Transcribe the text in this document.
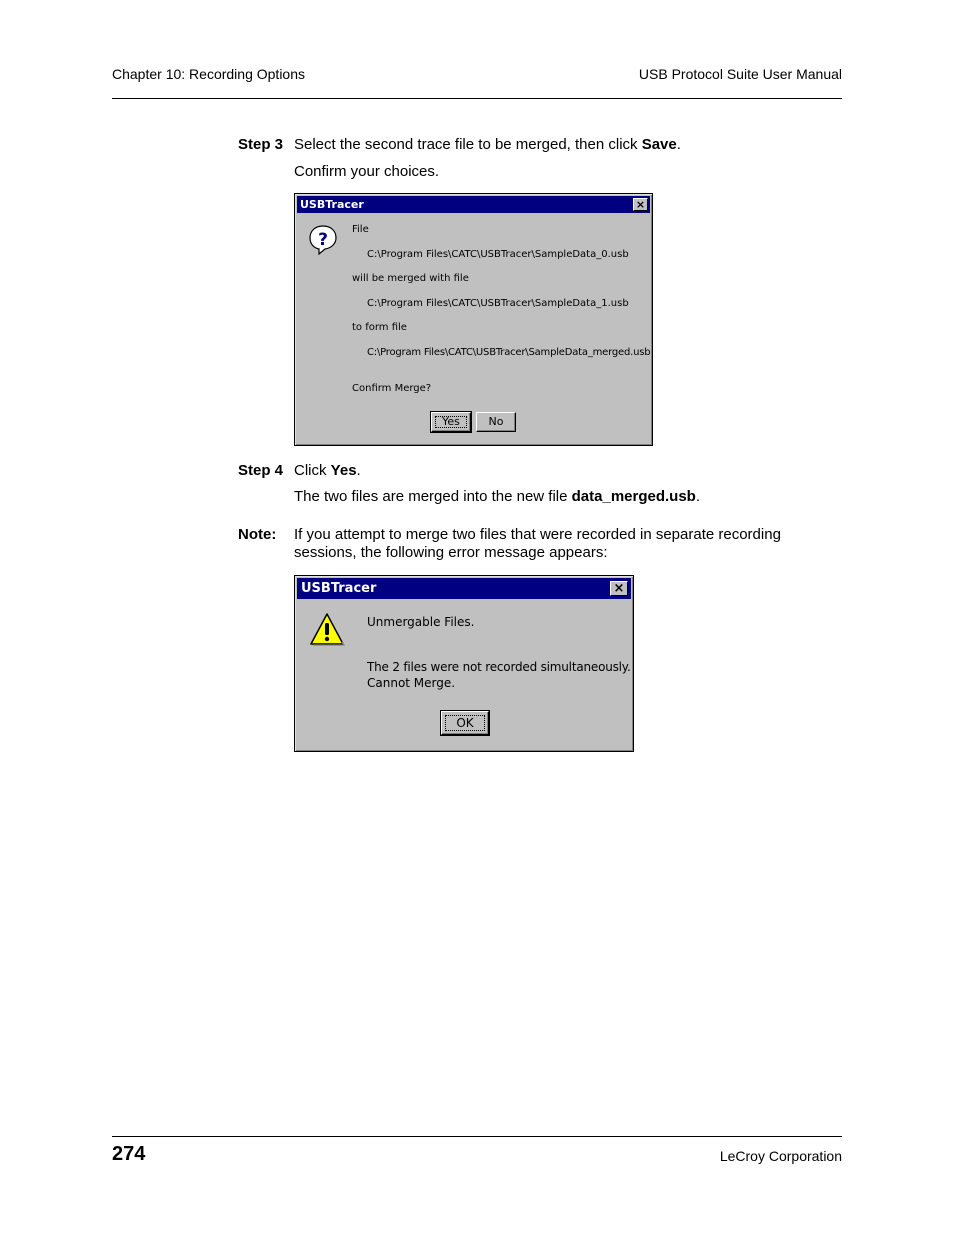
Chapter 10: Recording Options	USB Protocol Suite User Manual
Step 3 Select the second trace file to be merged, then click Save.
Confirm your choices.
USBTracer	×
?
File
C:\Program Files\CATC\USBTracer\SampleData_0.usb
will be merged with file
C:\Program Files\CATC\USBTracer\SampleData_1.usb
to form file
C:\Program Files\CATC\USBTracer\SampleData_merged.usb
Confirm Merge?
Yes	No
Step 4 Click Yes.
The two files are merged into the new file data_merged.usb.
Note: If you attempt to merge two files that were recorded in separate recording
sessions, the following error message appears:
USBTracer	×
Unmergable Files.
The 2 files were not recorded simultaneously.
Cannot Merge.
OK
274	LeCroy Corporation
